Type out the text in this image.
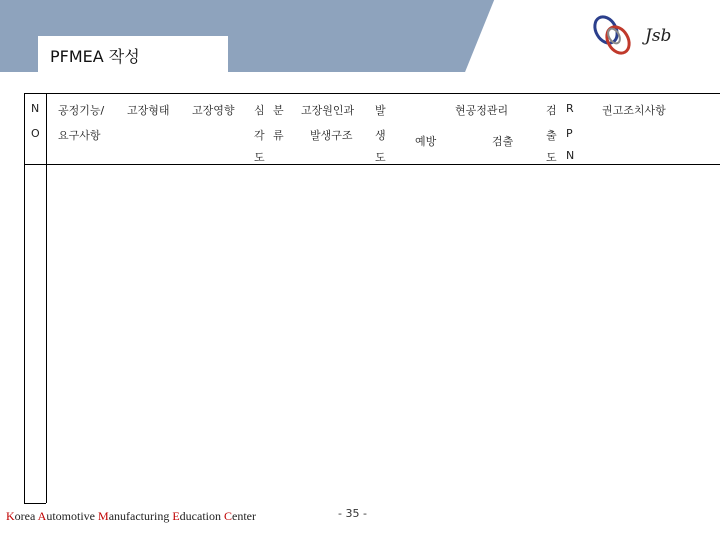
PFMEA 작성
Jsb
N
O
공정기능/
요구사항
고장형태 고장영향 심
각
도
분
류
고장원인과
발생구조
발
생
도
현공정관리
예방	검출
검
출
도
R
P
N
권고조치사항
Korea Automotive Manufacturing Education Center	- 35 -
